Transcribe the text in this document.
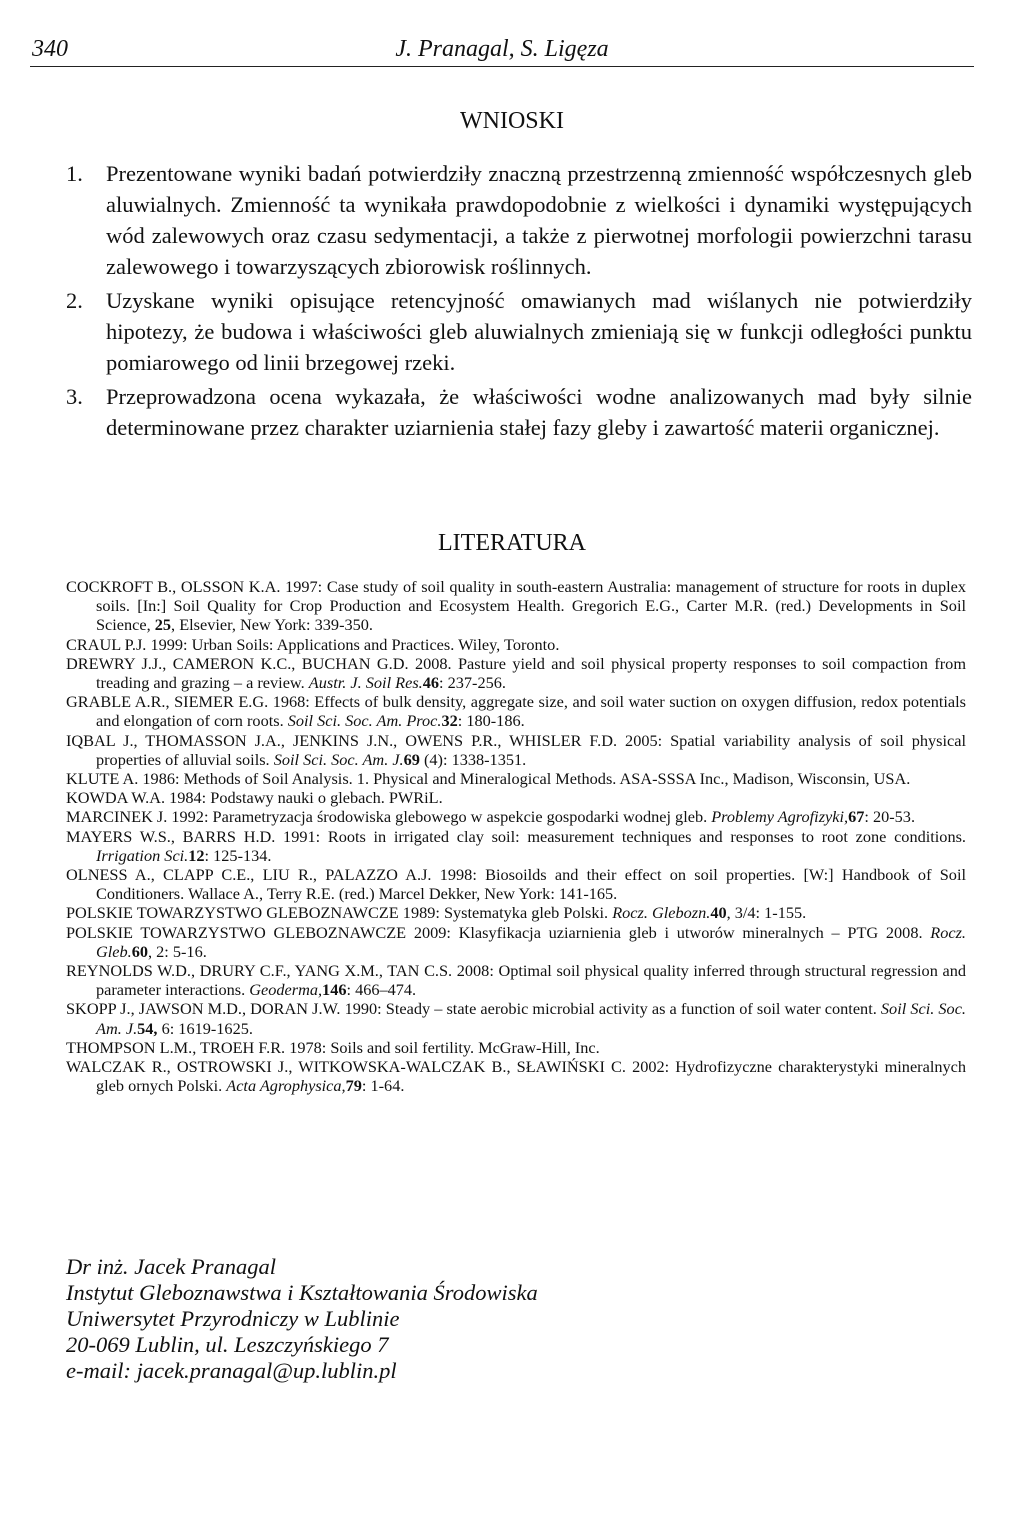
340	J. Pranagal, S. Ligęza
WNIOSKI
1. Prezentowane wyniki badań potwierdziły znaczną przestrzenną zmienność współczesnych gleb aluwialnych. Zmienność ta wynikała prawdopodobnie z wielkości i dynamiki występujących wód zalewowych oraz czasu sedymentacji, a także z pierwotnej morfologii powierzchni tarasu zalewowego i towarzyszących zbiorowisk roślinnych.
2. Uzyskane wyniki opisujące retencyjność omawianych mad wiślanych nie potwierdziły hipotezy, że budowa i właściwości gleb aluwialnych zmieniają się w funkcji odległości punktu pomiarowego od linii brzegowej rzeki.
3. Przeprowadzona ocena wykazała, że właściwości wodne analizowanych mad były silnie determinowane przez charakter uziarnienia stałej fazy gleby i zawartość materii organicznej.
LITERATURA

COCKROFT B., OLSSON K.A. 1997: Case study of soil quality in south-eastern Australia: management of structure for roots in duplex soils. [In:] Soil Quality for Crop Production and Ecosystem Health. Gregorich E.G., Carter M.R. (red.) Developments in Soil Science, 25, Elsevier, New York: 339-350.

CRAUL P.J. 1999: Urban Soils: Applications and Practices. Wiley, Toronto.

DREWRY J.J., CAMERON K.C., BUCHAN G.D. 2008. Pasture yield and soil physical property responses to soil compaction from treading and grazing – a review. Austr. J. Soil Res.46: 237-256.

GRABLE A.R., SIEMER E.G. 1968: Effects of bulk density, aggregate size, and soil water suction on oxygen diffusion, redox potentials and elongation of corn roots. Soil Sci. Soc. Am. Proc.32: 180-186.

IQBAL J., THOMASSON J.A., JENKINS J.N., OWENS P.R., WHISLER F.D. 2005: Spatial variability analysis of soil physical properties of alluvial soils. Soil Sci. Soc. Am. J.69 (4): 1338-1351.

KLUTE A. 1986: Methods of Soil Analysis. 1. Physical and Mineralogical Methods. ASA-SSSA Inc., Madison, Wisconsin, USA.

KOWDA W.A. 1984: Podstawy nauki o glebach. PWRiL.

MARCINEK J. 1992: Parametryzacja środowiska glebowego w aspekcie gospodarki wodnej gleb. Problemy Agrofizyki,67: 20-53.

MAYERS W.S., BARRS H.D. 1991: Roots in irrigated clay soil: measurement techniques and responses to root zone conditions. Irrigation Sci.12: 125-134.

OLNESS A., CLAPP C.E., LIU R., PALAZZO A.J. 1998: Biosoilds and their effect on soil properties. [W:] Handbook of Soil Conditioners. Wallace A., Terry R.E. (red.) Marcel Dekker, New York: 141-165.

POLSKIE TOWARZYSTWO GLEBOZNAWCZE 1989: Systematyka gleb Polski. Rocz. Glebozn.40, 3/4: 1-155.

POLSKIE TOWARZYSTWO GLEBOZNAWCZE 2009: Klasyfikacja uziarnienia gleb i utworów mineralnych – PTG 2008. Rocz. Gleb.60, 2: 5-16.

REYNOLDS W.D., DRURY C.F., YANG X.M., TAN C.S. 2008: Optimal soil physical quality inferred through structural regression and parameter interactions. Geoderma,146: 466–474.

SKOPP J., JAWSON M.D., DORAN J.W. 1990: Steady – state aerobic microbial activity as a function of soil water content. Soil Sci. Soc. Am. J.54, 6: 1619-1625.

THOMPSON L.M., TROEH F.R. 1978: Soils and soil fertility. McGraw-Hill, Inc.

WALCZAK R., OSTROWSKI J., WITKOWSKA-WALCZAK B., SŁAWIŃSKI C. 2002: Hydrofizyczne charakterystyki mineralnych gleb ornych Polski. Acta Agrophysica,79: 1-64.

Dr inż. Jacek Pranagal
Instytut Gleboznawstwa i Kształtowania Środowiska
Uniwersytet Przyrodniczy w Lublinie
20-069 Lublin, ul. Leszczyńskiego 7
e-mail: jacek.pranagal@up.lublin.pl
